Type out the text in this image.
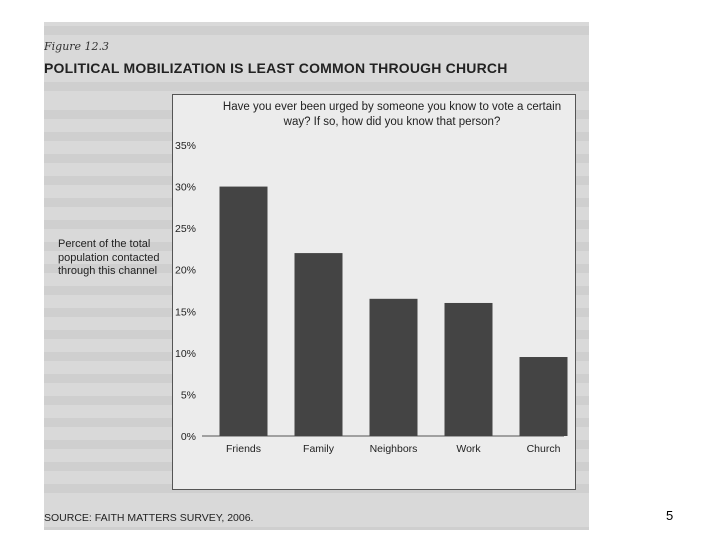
Figure 12.3
POLITICAL MOBILIZATION IS LEAST COMMON THROUGH CHURCH
Have you ever been urged by someone you know to vote a certain way? If so, how did you know that person?
Percent of the total population contacted through this channel
0%
5%
10%
15%
20%
25%
30%
35%
Friends	Family	Neighbors	Work	Church
SOURCE: FAITH MATTERS SURVEY, 2006.	5
